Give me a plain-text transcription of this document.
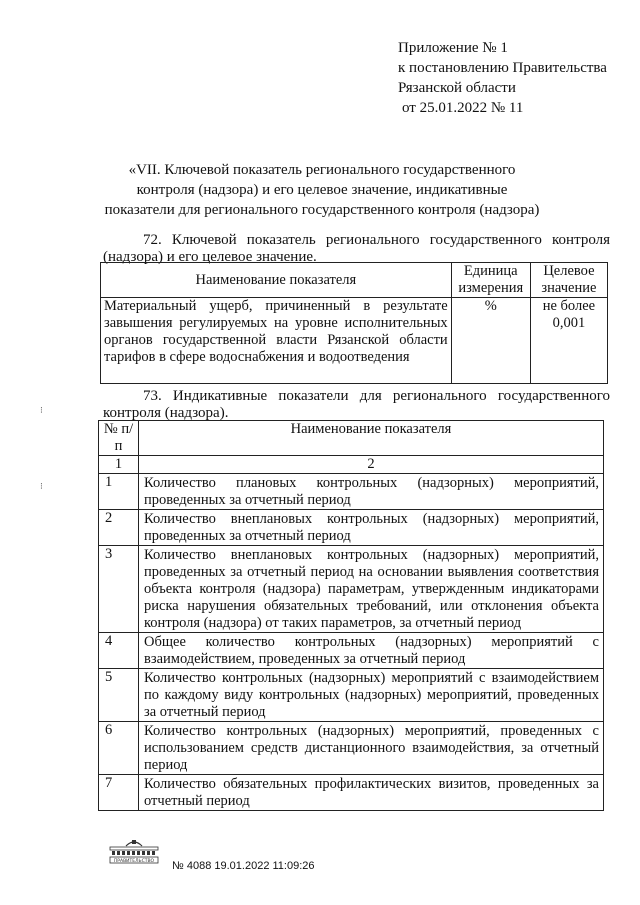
Приложение № 1
к постановлению Правительства
Рязанской области
от 25.01.2022 № 11
«VII. Ключевой показатель регионального государственного контроля (надзора) и его целевое значение, индикативные показатели для регионального государственного контроля (надзора)
72. Ключевой показатель регионального государственного контроля (надзора) и его целевое значение.
Наименование показателя	Единица измерения	Целевое значение
Материальный ущерб, причиненный в результате завышения регулируемых на уровне исполнительных органов государственной власти Рязанской области тарифов в сфере водоснабжения и водоотведения	%	не более 0,001
73. Индикативные показатели для регионального государственного контроля (надзора).
№ п/п	Наименование показателя
1	2
1	Количество плановых контрольных (надзорных) мероприятий, проведенных за отчетный период
2	Количество внеплановых контрольных (надзорных) мероприятий, проведенных за отчетный период
3	Количество внеплановых контрольных (надзорных) мероприятий, проведенных за отчетный период на основании выявления соответствия объекта контроля (надзора) параметрам, утвержденным индикаторами риска нарушения обязательных требований, или отклонения объекта контроля (надзора) от таких параметров, за отчетный период
4	Общее количество контрольных (надзорных) мероприятий с взаимодействием, проведенных за отчетный период
5	Количество контрольных (надзорных) мероприятий с взаимодействием по каждому виду контрольных (надзорных) мероприятий, проведенных за отчетный период
6	Количество контрольных (надзорных) мероприятий, проведенных с использованием средств дистанционного взаимодействия, за отчетный период
7	Количество обязательных профилактических визитов, проведенных за отчетный период
⁝
⁝
ПРАВИТЕЛЬСТВО № 4088 19.01.2022 11:09:26
